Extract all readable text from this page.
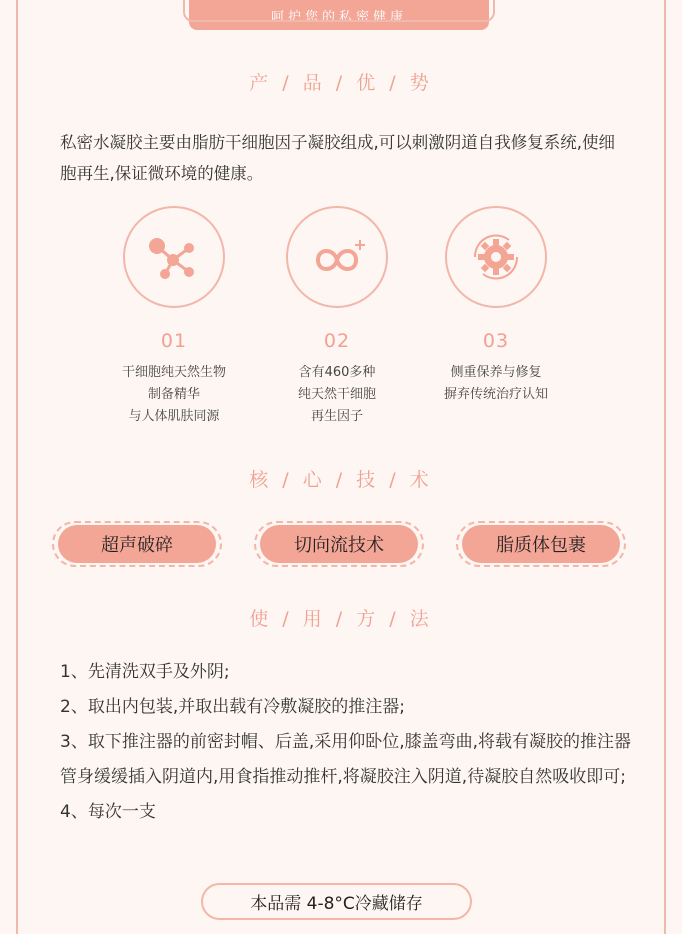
呵护您的私密健康
产 / 品 / 优 / 势
私密水凝胶主要由脂肪干细胞因子凝胶组成,可以刺激阴道自我修复系统,使细胞再生,保证微环境的健康。
01
干细胞纯天然生物
制备精华
与人体肌肤同源
02
含有460多种
纯天然干细胞
再生因子
03
侧重保养与修复
摒弃传统治疗认知
核 / 心 / 技 / 术
超声破碎	切向流技术	脂质体包裹
使 / 用 / 方 / 法

1、先清洗双手及外阴;

2、取出内包装,并取出载有冷敷凝胶的推注器;

3、取下推注器的前密封帽、后盖,采用仰卧位,膝盖弯曲,将载有凝胶的推注器管身缓缓插入阴道内,用食指推动推杆,将凝胶注入阴道,待凝胶自然吸收即可;

4、每次一支

本品需 4-8°C冷藏储存
